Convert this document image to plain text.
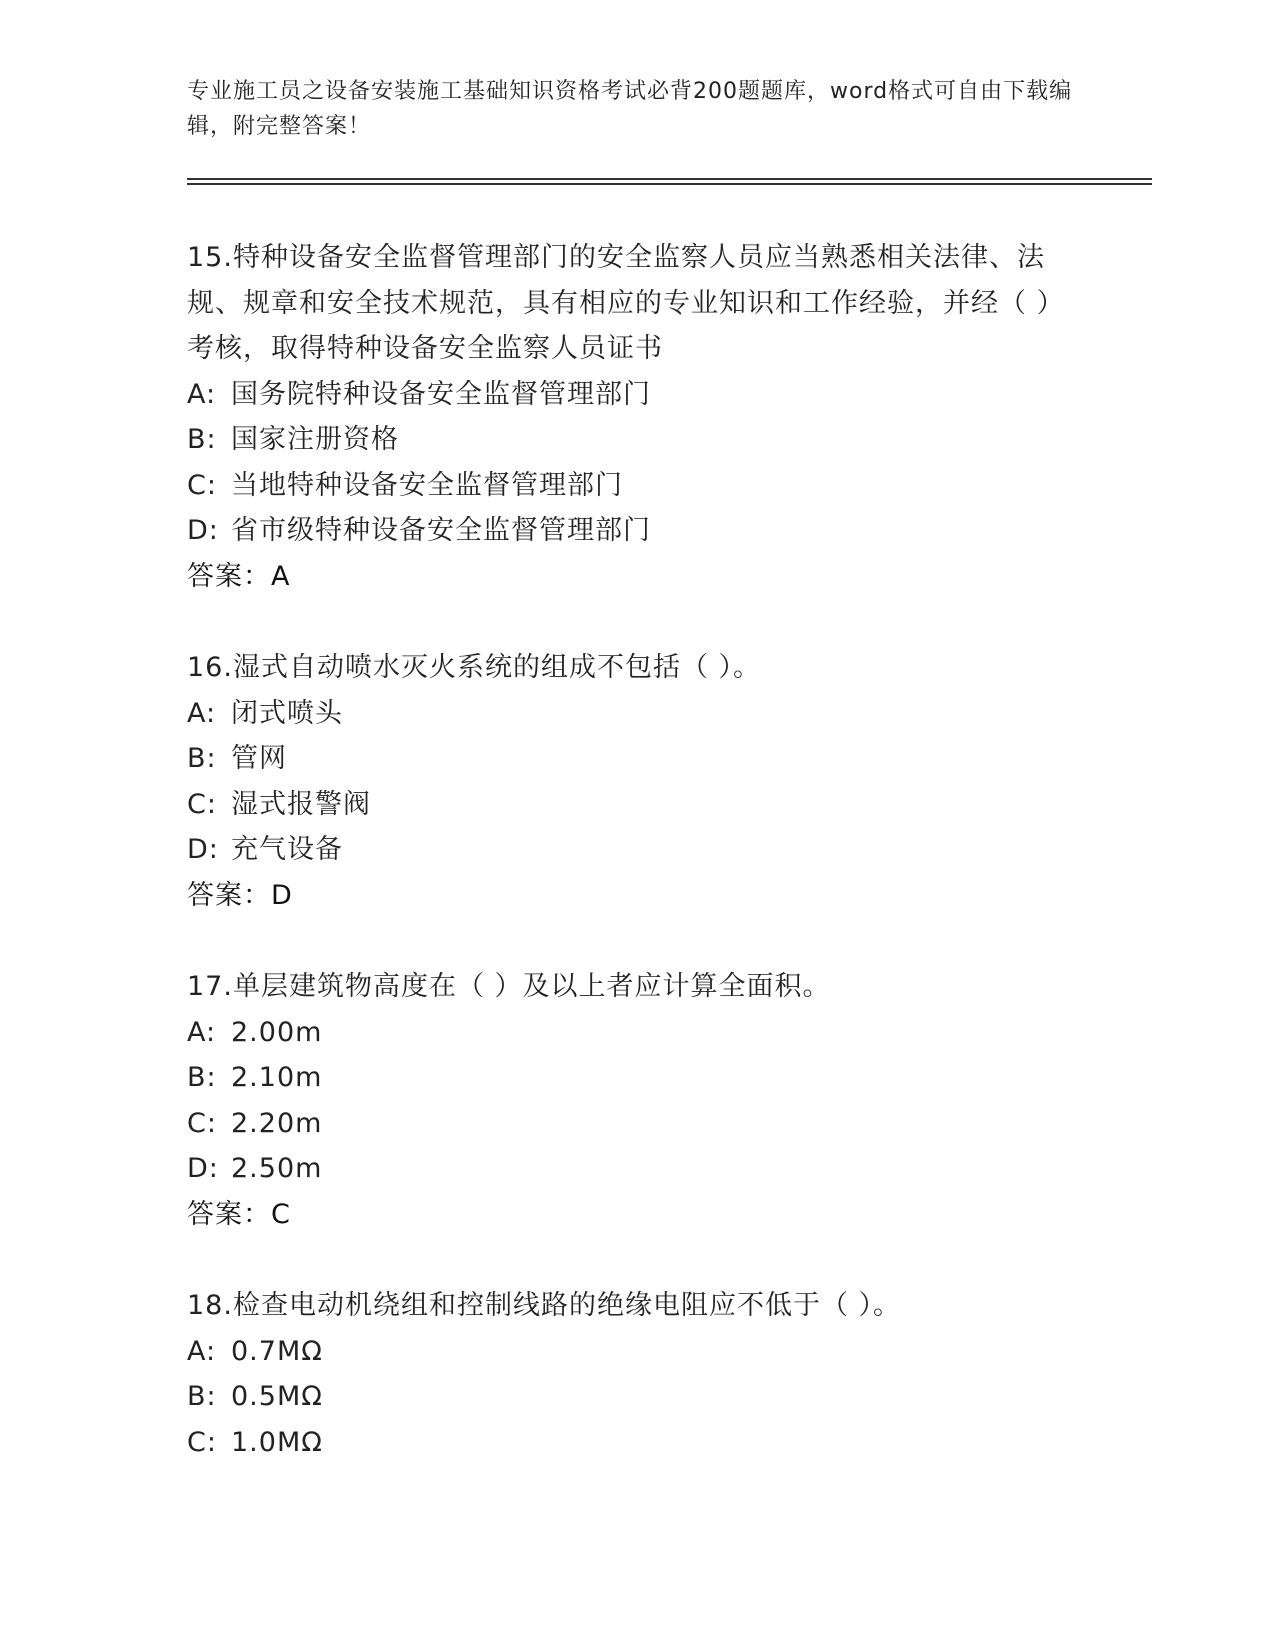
专业施工员之设备安装施工基础知识资格考试必背200题题库，word格式可自由下载编辑，附完整答案！
15.特种设备安全监督管理部门的安全监察人员应当熟悉相关法律、法规、规章和安全技术规范，具有相应的专业知识和工作经验，并经（ ）考核，取得特种设备安全监察人员证书
A: 国务院特种设备安全监督管理部门
B: 国家注册资格
C: 当地特种设备安全监督管理部门
D: 省市级特种设备安全监督管理部门
答案：A
16.湿式自动喷水灭火系统的组成不包括（ ）。
A: 闭式喷头
B: 管网
C: 湿式报警阀
D: 充气设备
答案：D
17.单层建筑物高度在（ ）及以上者应计算全面积。
A: 2.00m
B: 2.10m
C: 2.20m
D: 2.50m
答案：C
18.检查电动机绕组和控制线路的绝缘电阻应不低于（ ）。
A: 0.7MΩ
B: 0.5MΩ
C: 1.0MΩ
